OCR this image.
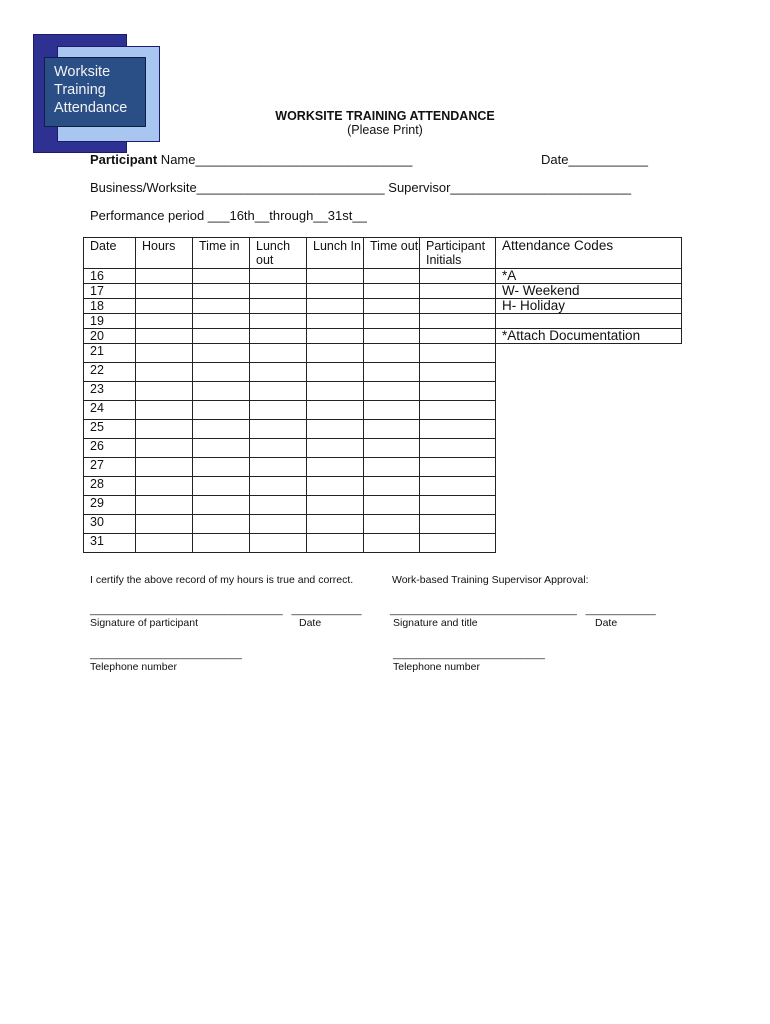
Worksite
Training
Attendance	WORKSITE TRAINING ATTENDANCE
(Please Print)
Participant Name______________________________	Date___________
Business/Worksite__________________________ Supervisor_________________________
Performance period ___16th__through__31st__
Date	Hours	Time in	Lunch out	Lunch In	Time out	Participant Initials	Attendance Codes
16							*A
17							W- Weekend
18							H- Holiday
19							
20							*Attach Documentation
21							
22							
23							
24							
25							
26							
27							
28							
29							
30							
31							
I certify the above record of my hours is true and correct.	Work-based Training Supervisor Approval:
_________________________________   ____________	________________________________   ____________
Signature of participant	Date	Signature and title	Date
__________________________	__________________________
Telephone number	Telephone number
